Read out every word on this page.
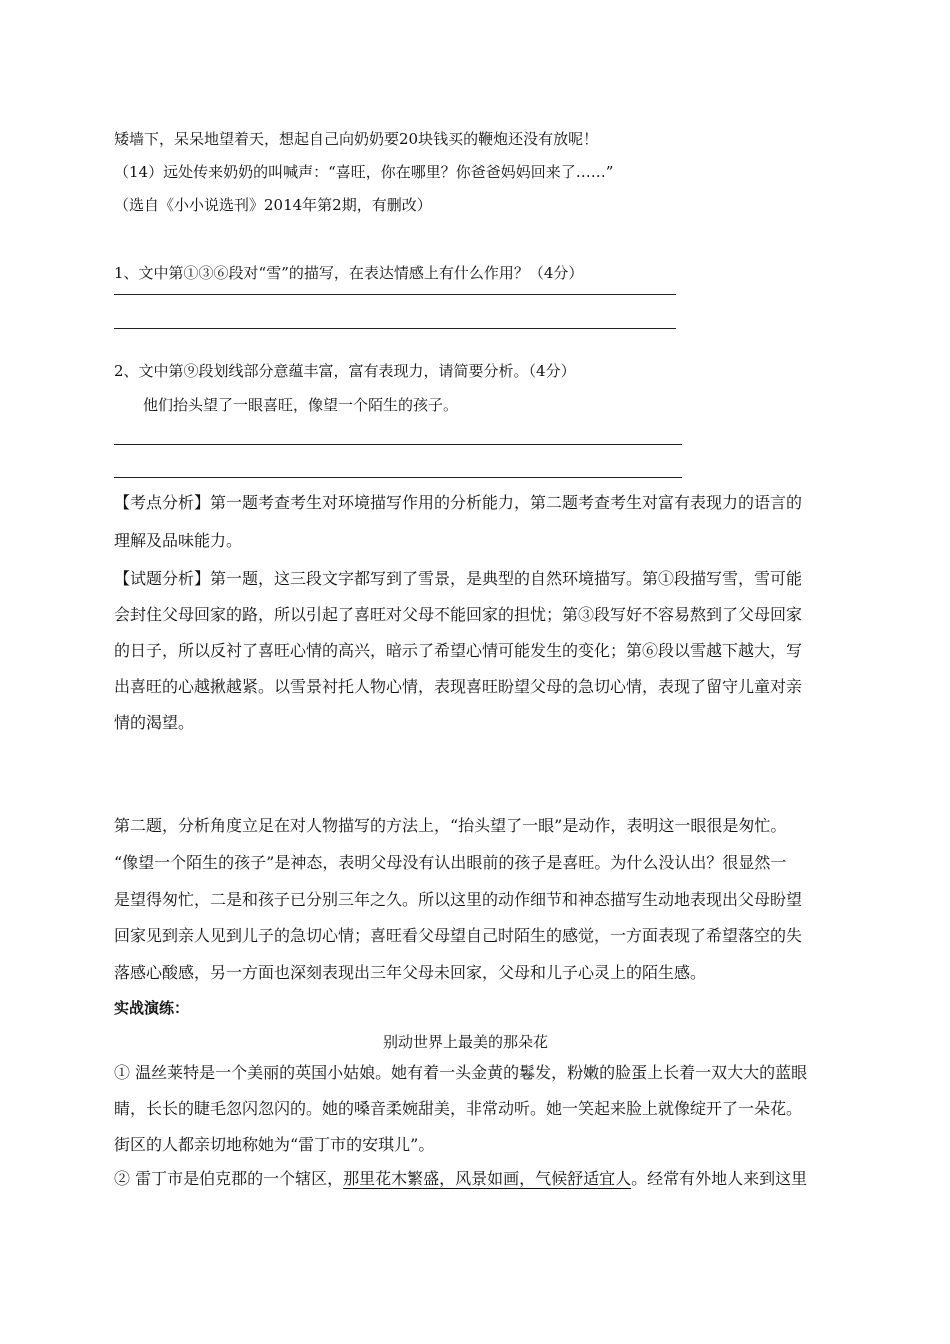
矮墙下，呆呆地望着天，想起自己向奶奶要20块钱买的鞭炮还没有放呢！
（14）远处传来奶奶的叫喊声：“喜旺，你在哪里？你爸爸妈妈回来了……”
（选自《小小说选刊》2014年第2期，有删改）
1、文中第①③⑥段对“雪”的描写，在表达情感上有什么作用？（4分）
2、文中第⑨段划线部分意蕴丰富，富有表现力，请简要分析。（4分）
他们抬头望了一眼喜旺，像望一个陌生的孩子。
【考点分析】第一题考查考生对环境描写作用的分析能力，第二题考查考生对富有表现力的语言的
理解及品味能力。
【试题分析】第一题，这三段文字都写到了雪景，是典型的自然环境描写。第①段描写雪，雪可能
会封住父母回家的路，所以引起了喜旺对父母不能回家的担忧；第③段写好不容易熬到了父母回家
的日子，所以反衬了喜旺心情的高兴，暗示了希望心情可能发生的变化；第⑥段以雪越下越大，写
出喜旺的心越揪越紧。以雪景衬托人物心情，表现喜旺盼望父母的急切心情，表现了留守儿童对亲
情的渴望。
第二题，分析角度立足在对人物描写的方法上，“抬头望了一眼”是动作，表明这一眼很是匆忙。
“像望一个陌生的孩子”是神态，表明父母没有认出眼前的孩子是喜旺。为什么没认出？很显然一
是望得匆忙，二是和孩子已分别三年之久。所以这里的动作细节和神态描写生动地表现出父母盼望
回家见到亲人见到儿子的急切心情；喜旺看父母望自己时陌生的感觉，一方面表现了希望落空的失
落感心酸感，另一方面也深刻表现出三年父母未回家，父母和儿子心灵上的陌生感。
实战演练：
别动世界上最美的那朵花
① 温丝莱特是一个美丽的英国小姑娘。她有着一头金黄的鬈发，粉嫩的脸蛋上长着一双大大的蓝眼
睛，长长的睫毛忽闪忽闪的。她的嗓音柔婉甜美，非常动听。她一笑起来脸上就像绽开了一朵花。
街区的人都亲切地称她为“雷丁市的安琪儿”。
② 雷丁市是伯克郡的一个辖区，那里花木繁盛，风景如画，气候舒适宜人。经常有外地人来到这里
